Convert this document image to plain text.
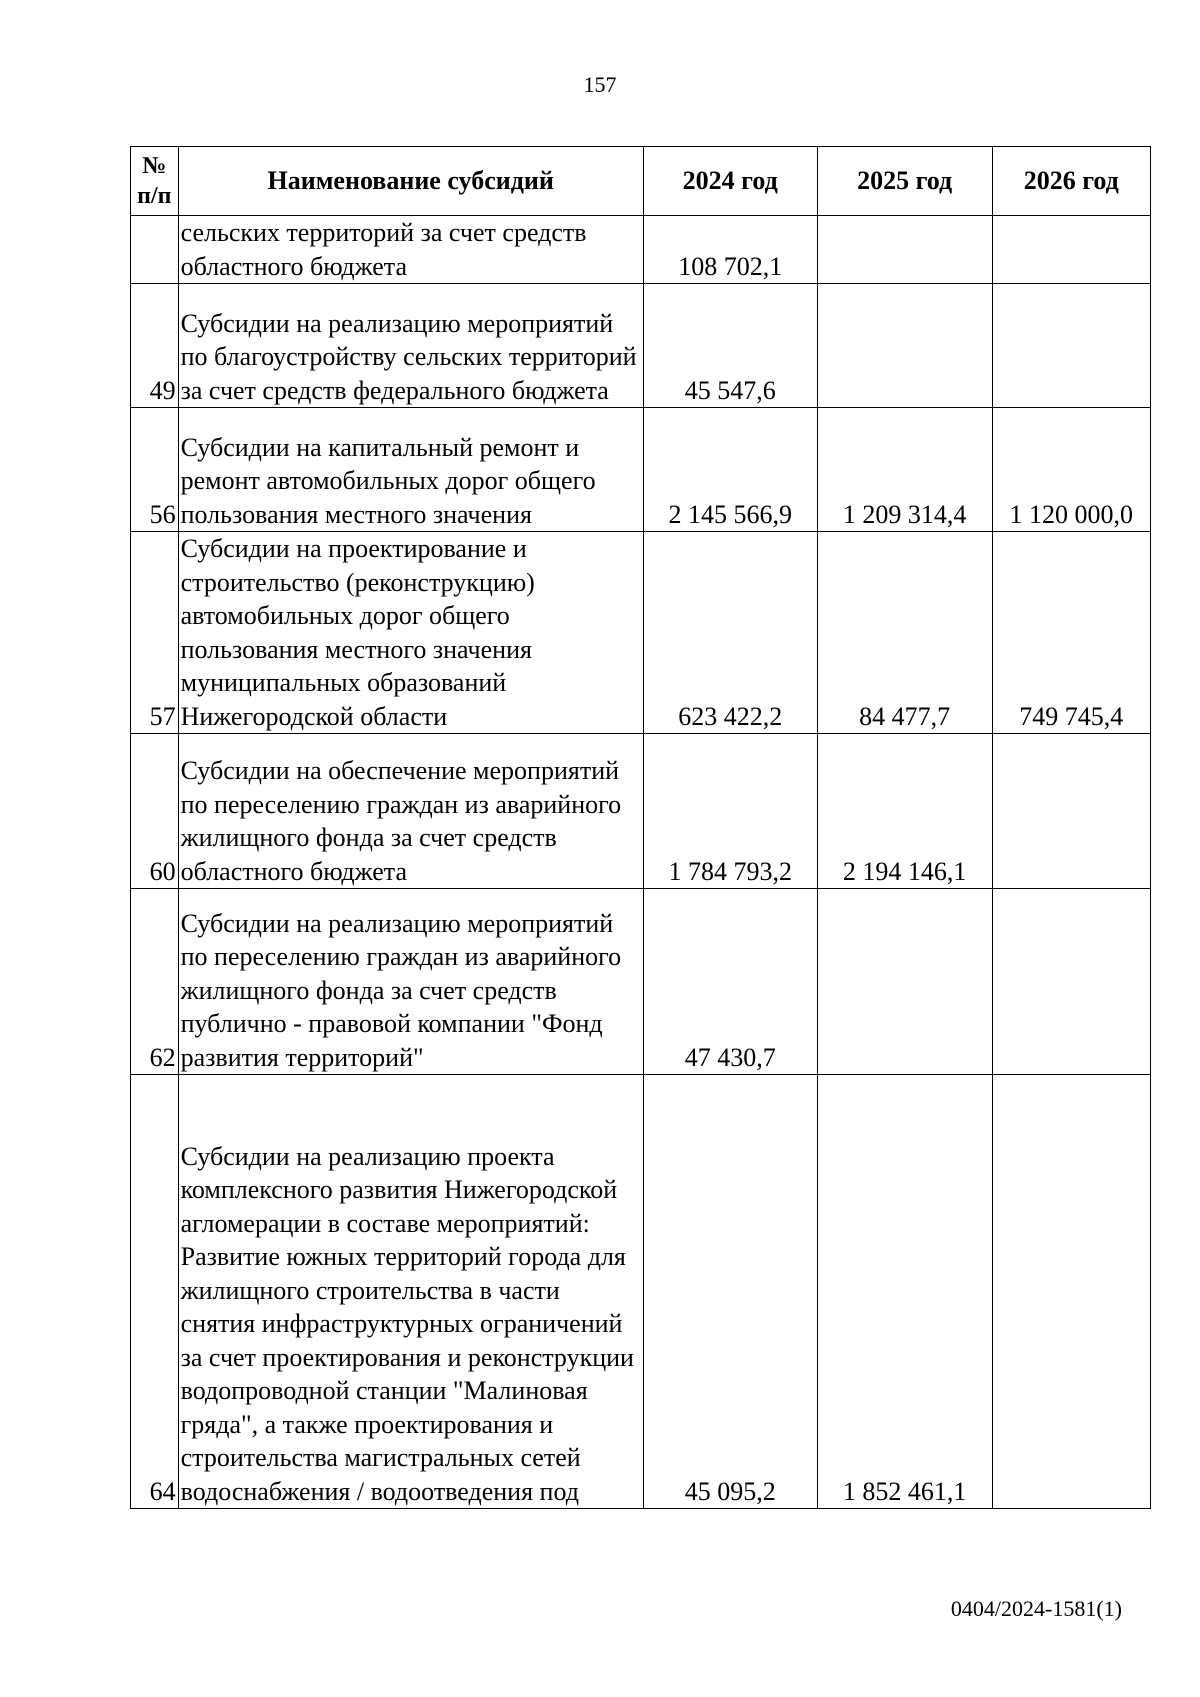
157
№ п/п	Наименование субсидий	2024 год	2025 год	2026 год
	сельских территорий за счет средств областного бюджета	108 702,1		
49	Субсидии на реализацию мероприятий по благоустройству сельских территорий за счет средств федерального бюджета	45 547,6		
56	Субсидии на капитальный ремонт и ремонт автомобильных дорог общего пользования местного значения	2 145 566,9	1 209 314,4	1 120 000,0
57	Субсидии на проектирование и строительство (реконструкцию) автомобильных дорог общего пользования местного значения муниципальных образований Нижегородской области	623 422,2	84 477,7	749 745,4
60	Субсидии на обеспечение мероприятий по переселению граждан из аварийного жилищного фонда за счет средств областного бюджета	1 784 793,2	2 194 146,1	
62	Субсидии на реализацию мероприятий по переселению граждан из аварийного жилищного фонда за счет средств публично - правовой компании "Фонд развития территорий"	47 430,7		
64	Субсидии на реализацию проекта комплексного развития Нижегородской агломерации в составе мероприятий: Развитие южных территорий города для жилищного строительства в части снятия инфраструктурных ограничений за счет проектирования и реконструкции водопроводной станции "Малиновая гряда", а также проектирования и строительства магистральных сетей водоснабжения / водоотведения под	45 095,2	1 852 461,1	
0404/2024-1581(1)
